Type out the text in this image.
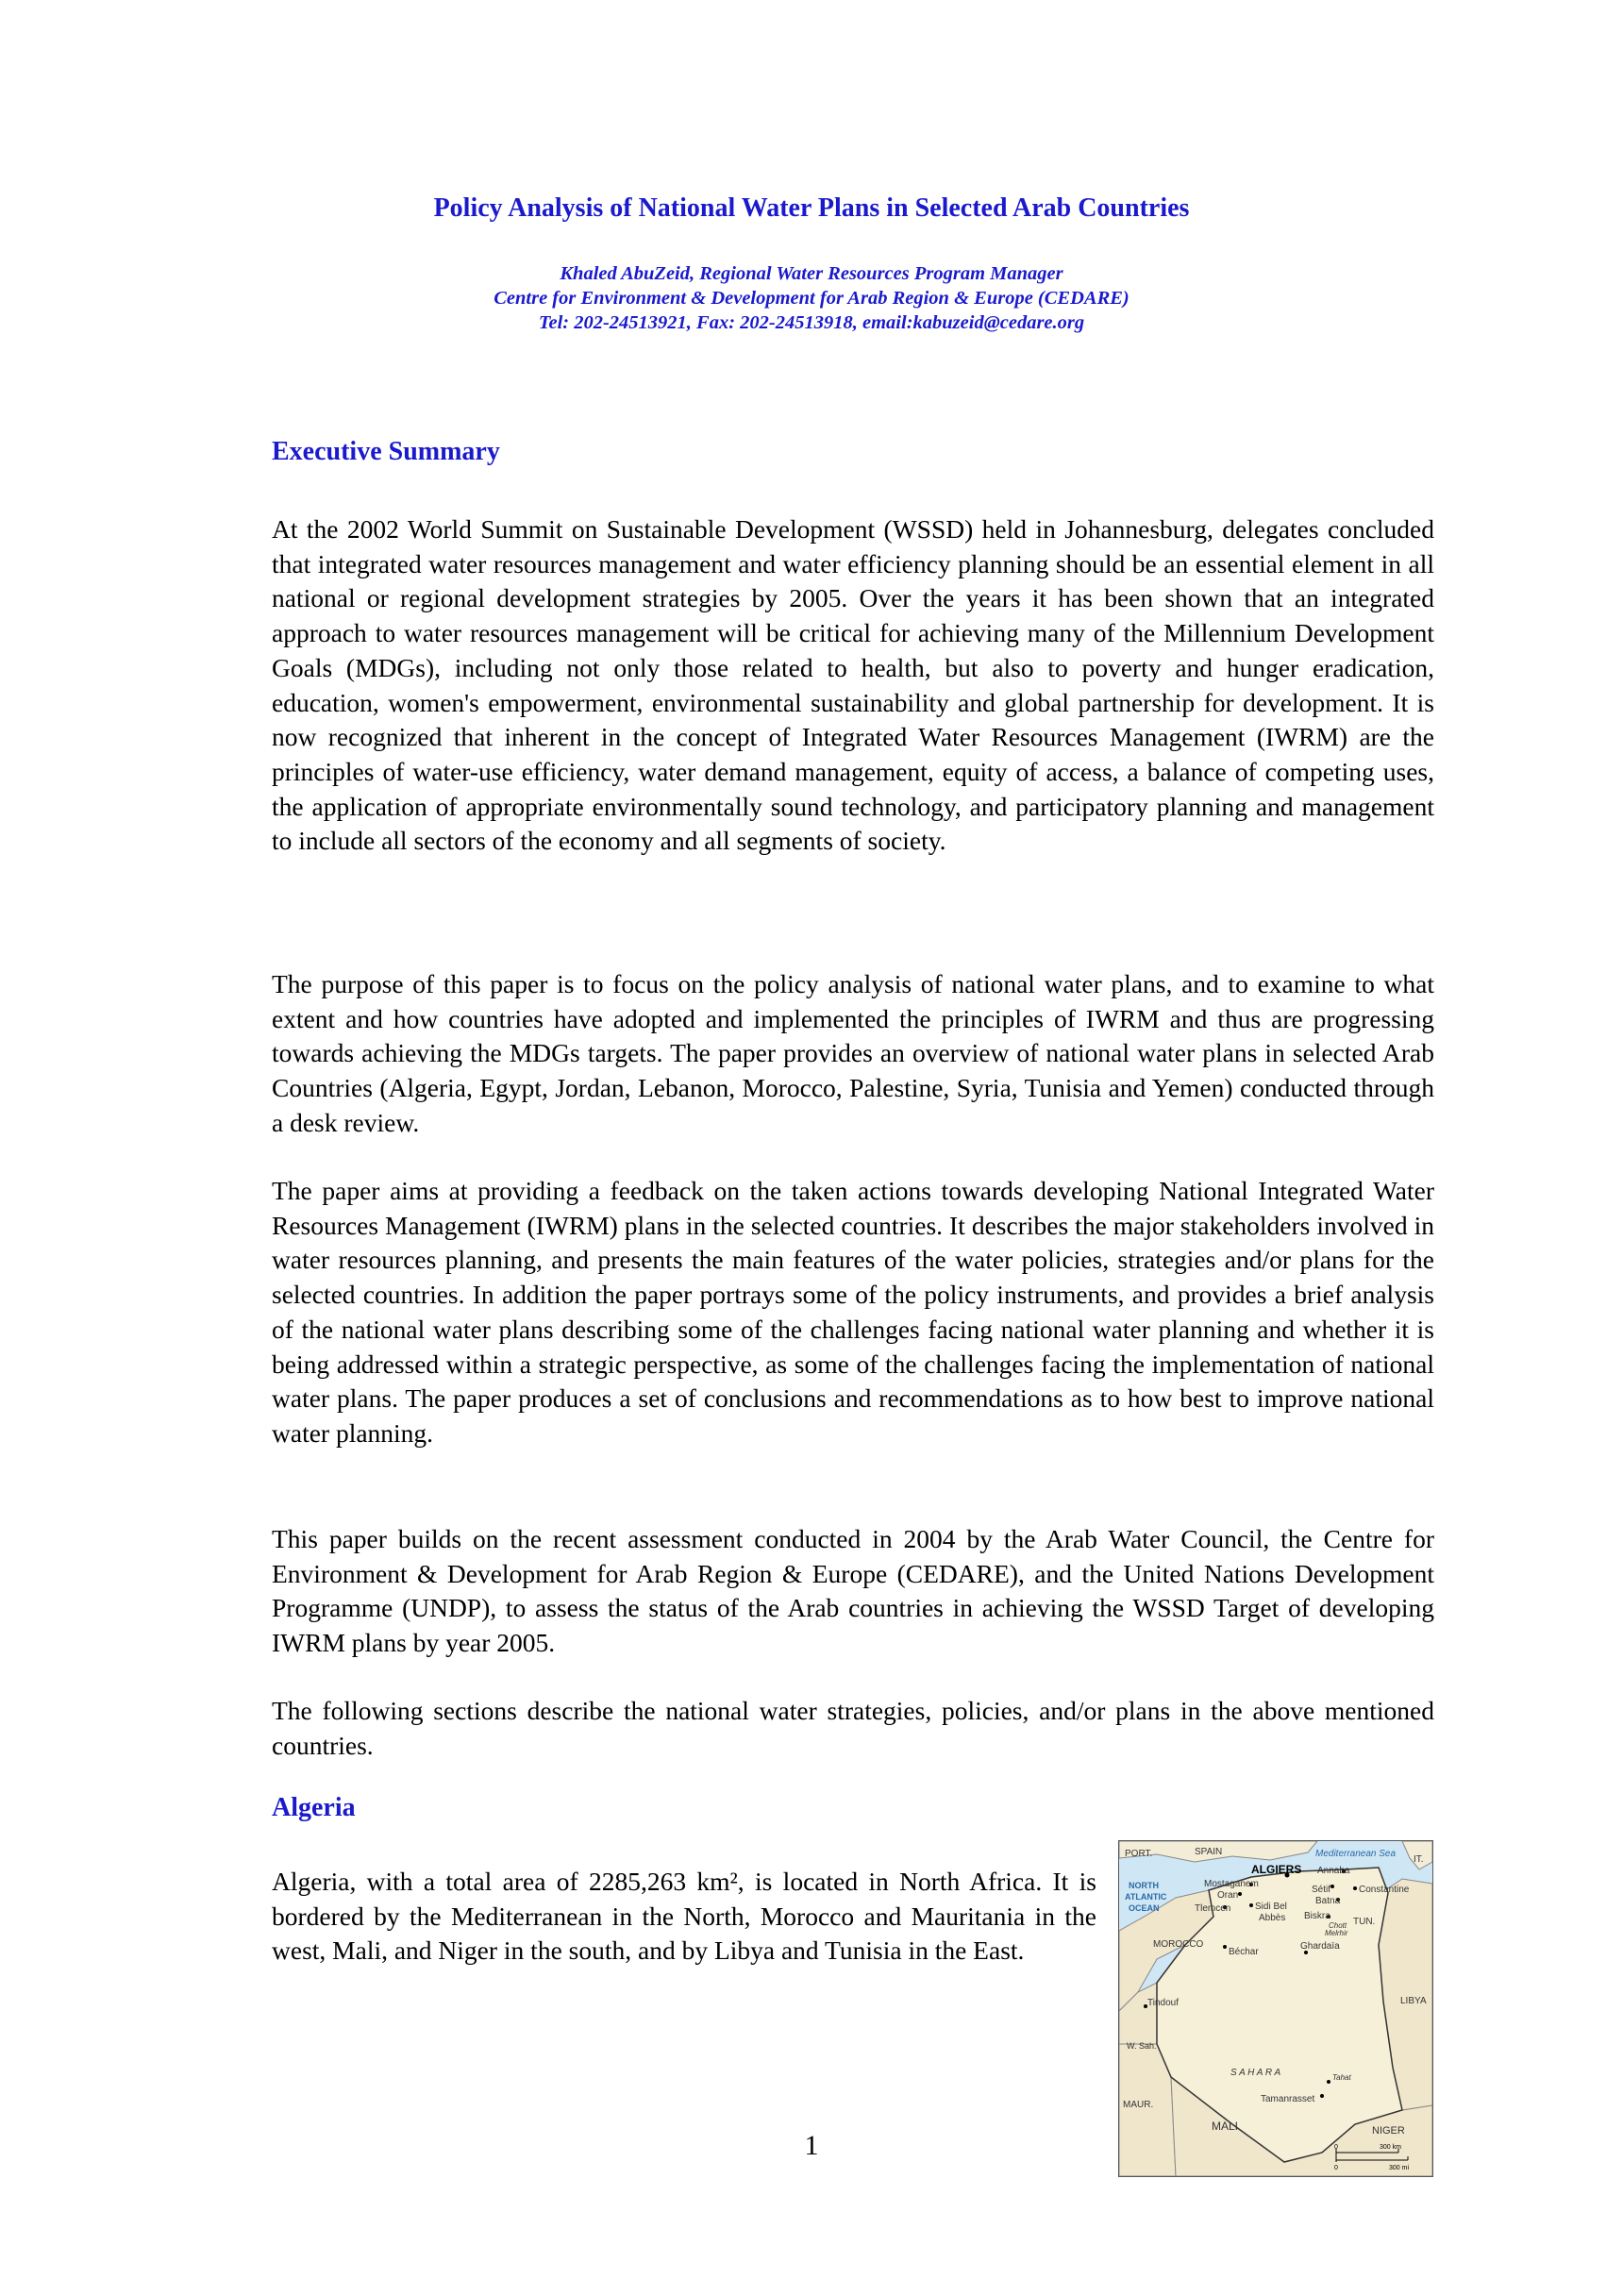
Policy Analysis of National Water Plans in Selected Arab Countries
Khaled AbuZeid, Regional Water Resources Program Manager
Centre for Environment & Development for Arab Region & Europe (CEDARE)
Tel: 202-24513921, Fax: 202-24513918, email:kabuzeid@cedare.org
Executive Summary

At the 2002 World Summit on Sustainable Development (WSSD) held in Johannesburg, delegates concluded that integrated water resources management and water efficiency planning should be an essential element in all national or regional development strategies by 2005. Over the years it has been shown that an integrated approach to water resources management will be critical for achieving many of the Millennium Development Goals (MDGs), including not only those related to health, but also to poverty and hunger eradication, education, women's empowerment, environmental sustainability and global partnership for development. It is now recognized that inherent in the concept of Integrated Water Resources Management (IWRM) are the principles of water-use efficiency, water demand management, equity of access, a balance of competing uses, the application of appropriate environmentally sound technology, and participatory planning and management to include all sectors of the economy and all segments of society.

The purpose of this paper is to focus on the policy analysis of national water plans, and to examine to what extent and how countries have adopted and implemented the principles of IWRM and thus are progressing towards achieving the MDGs targets. The paper provides an overview of national water plans in selected Arab Countries (Algeria, Egypt, Jordan, Lebanon, Morocco, Palestine, Syria, Tunisia and Yemen) conducted through a desk review.

The paper aims at providing a feedback on the taken actions towards developing National Integrated Water Resources Management (IWRM) plans in the selected countries. It describes the major stakeholders involved in water resources planning, and presents the main features of the water policies, strategies and/or plans for the selected countries. In addition the paper portrays some of the policy instruments, and provides a brief analysis of the national water plans describing some of the challenges facing national water planning and whether it is being addressed within a strategic perspective, as some of the challenges facing the implementation of national water plans. The paper produces a set of conclusions and recommendations as to how best to improve national water planning.

This paper builds on the recent assessment conducted in 2004 by the Arab Water Council, the Centre for Environment & Development for Arab Region & Europe (CEDARE), and the United Nations Development Programme (UNDP), to assess the status of the Arab countries in achieving the WSSD Target of developing IWRM plans by year 2005.

The following sections describe the national water strategies, policies, and/or plans in the above mentioned countries.

Algeria

Algeria, with a total area of 2285,263 km², is located in North Africa. It is bordered by the Mediterranean in the North, Morocco and Mauritania in the west, Mali, and Niger in the south, and by Libya and Tunisia in the East.

PORT.	SPAIN	Mediterranean Sea
IT.
ALGIERS Annaba
NORTH
ATLANTIC
OCEAN
Mostaganem
Sétif	Constantine
Oran
Batna
Tlemcen	Sidi Bel
Abbès Biskra
Chott
Melrhir
TUN.
MOROCCO
Béchar
Ghardaïa
LIBYA
Tindouf
W. Sah.
S A H A R A	Tahat
Tamanrasset
MAUR.
MALI	NIGER
0	300 km
0	300 mi
1
